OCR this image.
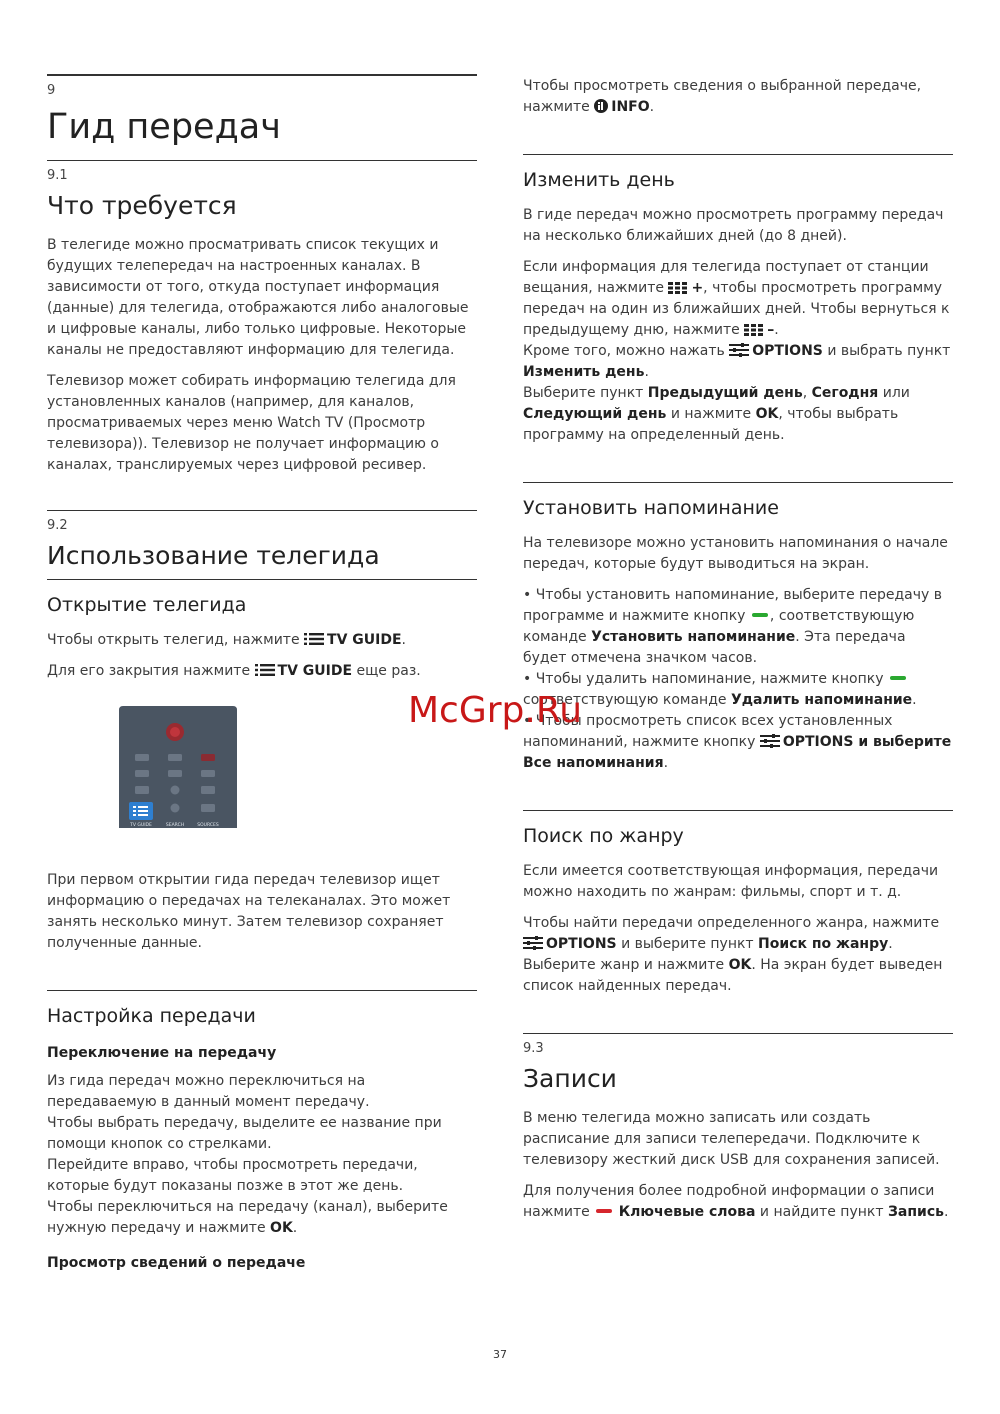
9
Гид передач
9.1
Что требуется

В телегиде можно просматривать список текущих и будущих телепередач на настроенных каналах. В зависимости от того, откуда поступает информация (данные) для телегида, отображаются либо аналоговые и цифровые каналы, либо только цифровые. Некоторые каналы не предоставляют информацию для телегида.

Телевизор может собирать информацию телегида для установленных каналов (например, для каналов, просматриваемых через меню Watch TV (Просмотр телевизора)). Телевизор не получает информацию о каналах, транслируемых через цифровой ресивер.

9.2
Использование телегида
Открытие телегида

Чтобы открыть телегид, нажмите TV GUIDE.

Для его закрытия нажмите TV GUIDE еще раз.

TV GUIDE	SEARCH	SOURCES

При первом открытии гида передач телевизор ищет информацию о передачах на телеканалах. Это может занять несколько минут. Затем телевизор сохраняет полученные данные.

Настройка передачи
Переключение на передачу

Из гида передач можно переключиться на передаваемую в данный момент передачу.

Чтобы выбрать передачу, выделите ее название при помощи кнопок со стрелками.

Перейдите вправо, чтобы просмотреть передачи, которые будут показаны позже в этот же день.

Чтобы переключиться на передачу (канал), выберите нужную передачу и нажмите OK.

Просмотр сведений о передаче

Чтобы просмотреть сведения о выбранной передаче, нажмите INFO.

Изменить день

В гиде передач можно просмотреть программу передач на несколько ближайших дней (до 8 дней).

Если информация для телегида поступает от станции вещания, нажмите +, чтобы просмотреть программу передач на один из ближайших дней. Чтобы вернуться к предыдущему дню, нажмите –.

Кроме того, можно нажать OPTIONS и выбрать пункт Изменить день.

Выберите пункт Предыдущий день, Сегодня или Следующий день и нажмите OK, чтобы выбрать программу на определенный день.

Установить напоминание

На телевизоре можно установить напоминания о начале передач, которые будут выводиться на экран.

• Чтобы установить напоминание, выберите передачу в программе и нажмите кнопку , соответствующую команде Установить напоминание. Эта передача будет отмечена значком часов.

• Чтобы удалить напоминание, нажмите кнопку  соответствующую команде Удалить напоминание.

• Чтобы просмотреть список всех установленных напоминаний, нажмите кнопку OPTIONS и выберите Все напоминания.

Поиск по жанру

Если имеется соответствующая информация, передачи можно находить по жанрам: фильмы, спорт и т. д.

Чтобы найти передачи определенного жанра, нажмите OPTIONS и выберите пункт Поиск по жанру. Выберите жанр и нажмите OK. На экран будет выведен список найденных передач.

9.3
Записи

В меню телегида можно записать или создать расписание для записи телепередачи. Подключите к телевизору жесткий диск USB для сохранения записей.

Для получения более подробной информации о записи нажмите Ключевые слова и найдите пункт Запись.

McGrp.Ru
37
